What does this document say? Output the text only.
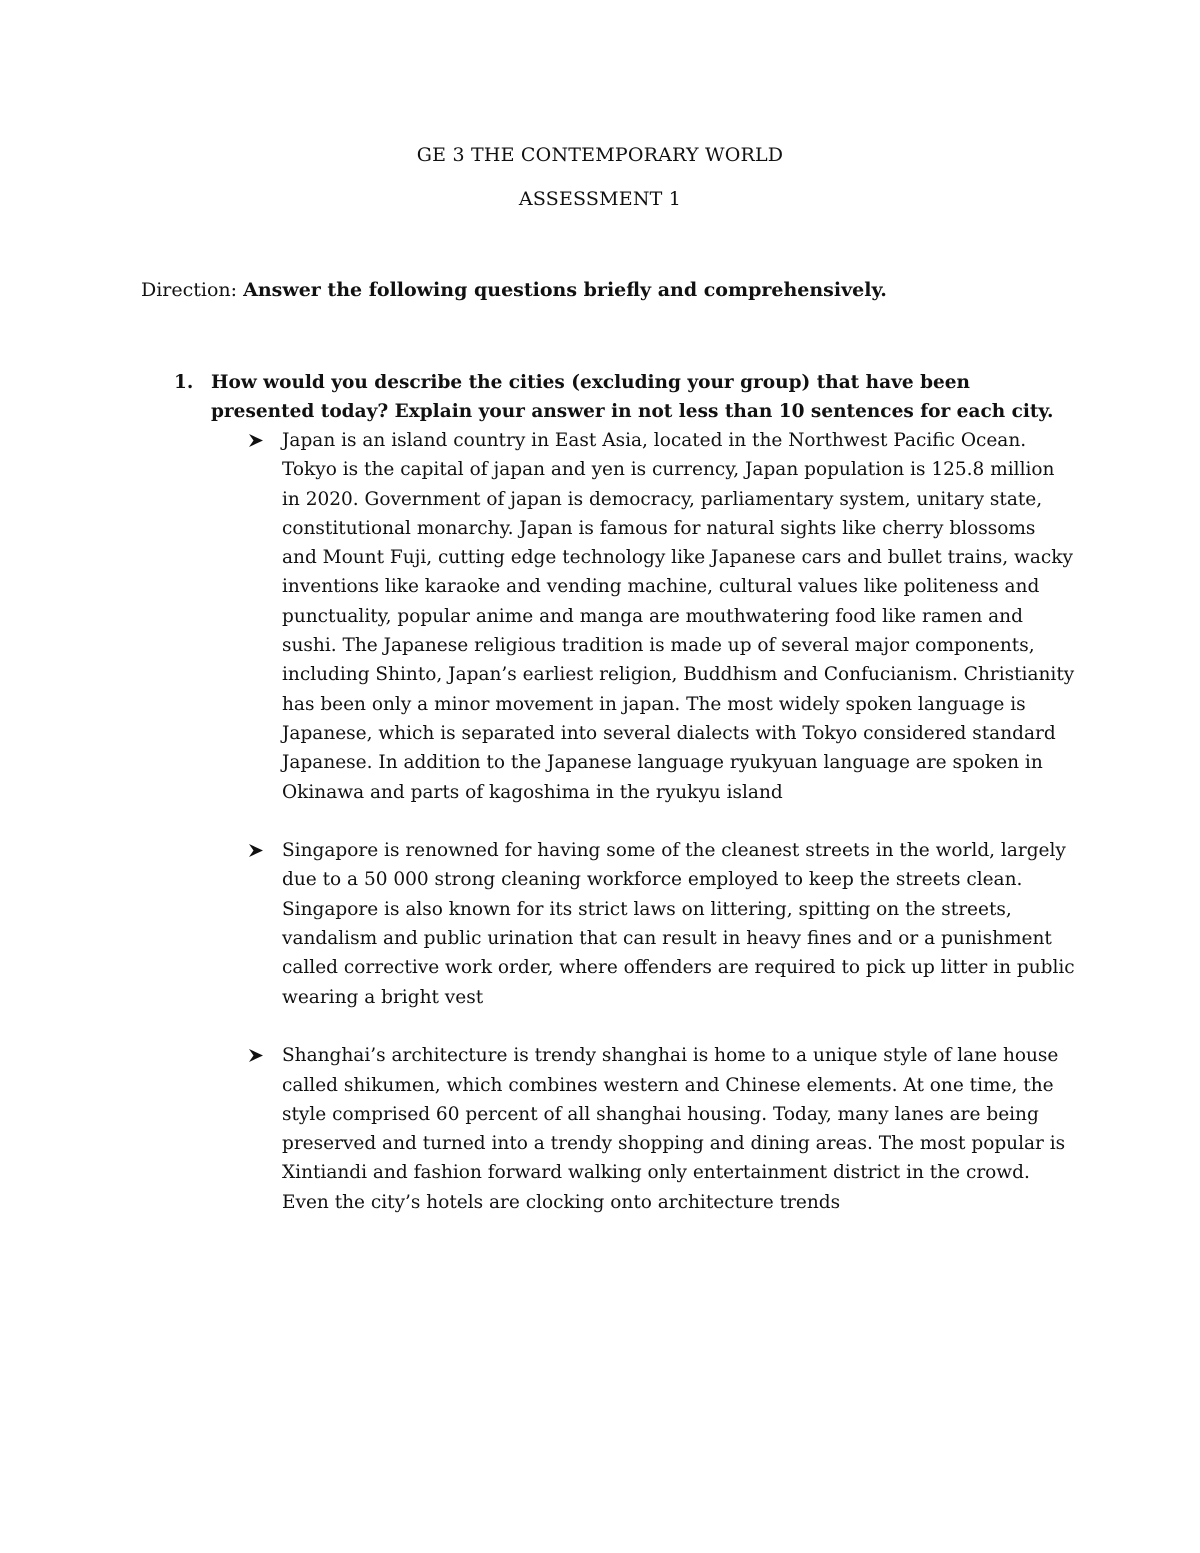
GE 3 THE CONTEMPORARY WORLD
ASSESSMENT 1
Direction: Answer the following questions briefly and comprehensively.
1. How would you describe the cities (excluding your group) that have been presented today? Explain your answer in not less than 10 sentences for each city.
Japan is an island country in East Asia, located in the Northwest Pacific Ocean. Tokyo is the capital of japan and yen is currency, Japan population is 125.8 million in 2020. Government of japan is democracy, parliamentary system, unitary state, constitutional monarchy. Japan is famous for natural sights like cherry blossoms and Mount Fuji, cutting edge technology like Japanese cars and bullet trains, wacky inventions like karaoke and vending machine, cultural values like politeness and punctuality, popular anime and manga are mouthwatering food like ramen and sushi. The Japanese religious tradition is made up of several major components, including Shinto, Japan’s earliest religion, Buddhism and Confucianism. Christianity has been only a minor movement in japan. The most widely spoken language is Japanese, which is separated into several dialects with Tokyo considered standard Japanese. In addition to the Japanese language ryukyuan language are spoken in Okinawa and parts of kagoshima in the ryukyu island
Singapore is renowned for having some of the cleanest streets in the world, largely due to a 50 000 strong cleaning workforce employed to keep the streets clean. Singapore is also known for its strict laws on littering, spitting on the streets, vandalism and public urination that can result in heavy fines and or a punishment called corrective work order, where offenders are required to pick up litter in public wearing a bright vest
Shanghai’s architecture is trendy shanghai is home to a unique style of lane house called shikumen, which combines western and Chinese elements. At one time, the style comprised 60 percent of all shanghai housing. Today, many lanes are being preserved and turned into a trendy shopping and dining areas. The most popular is Xintiandi and fashion forward walking only entertainment district in the crowd. Even the city’s hotels are clocking onto architecture trends
